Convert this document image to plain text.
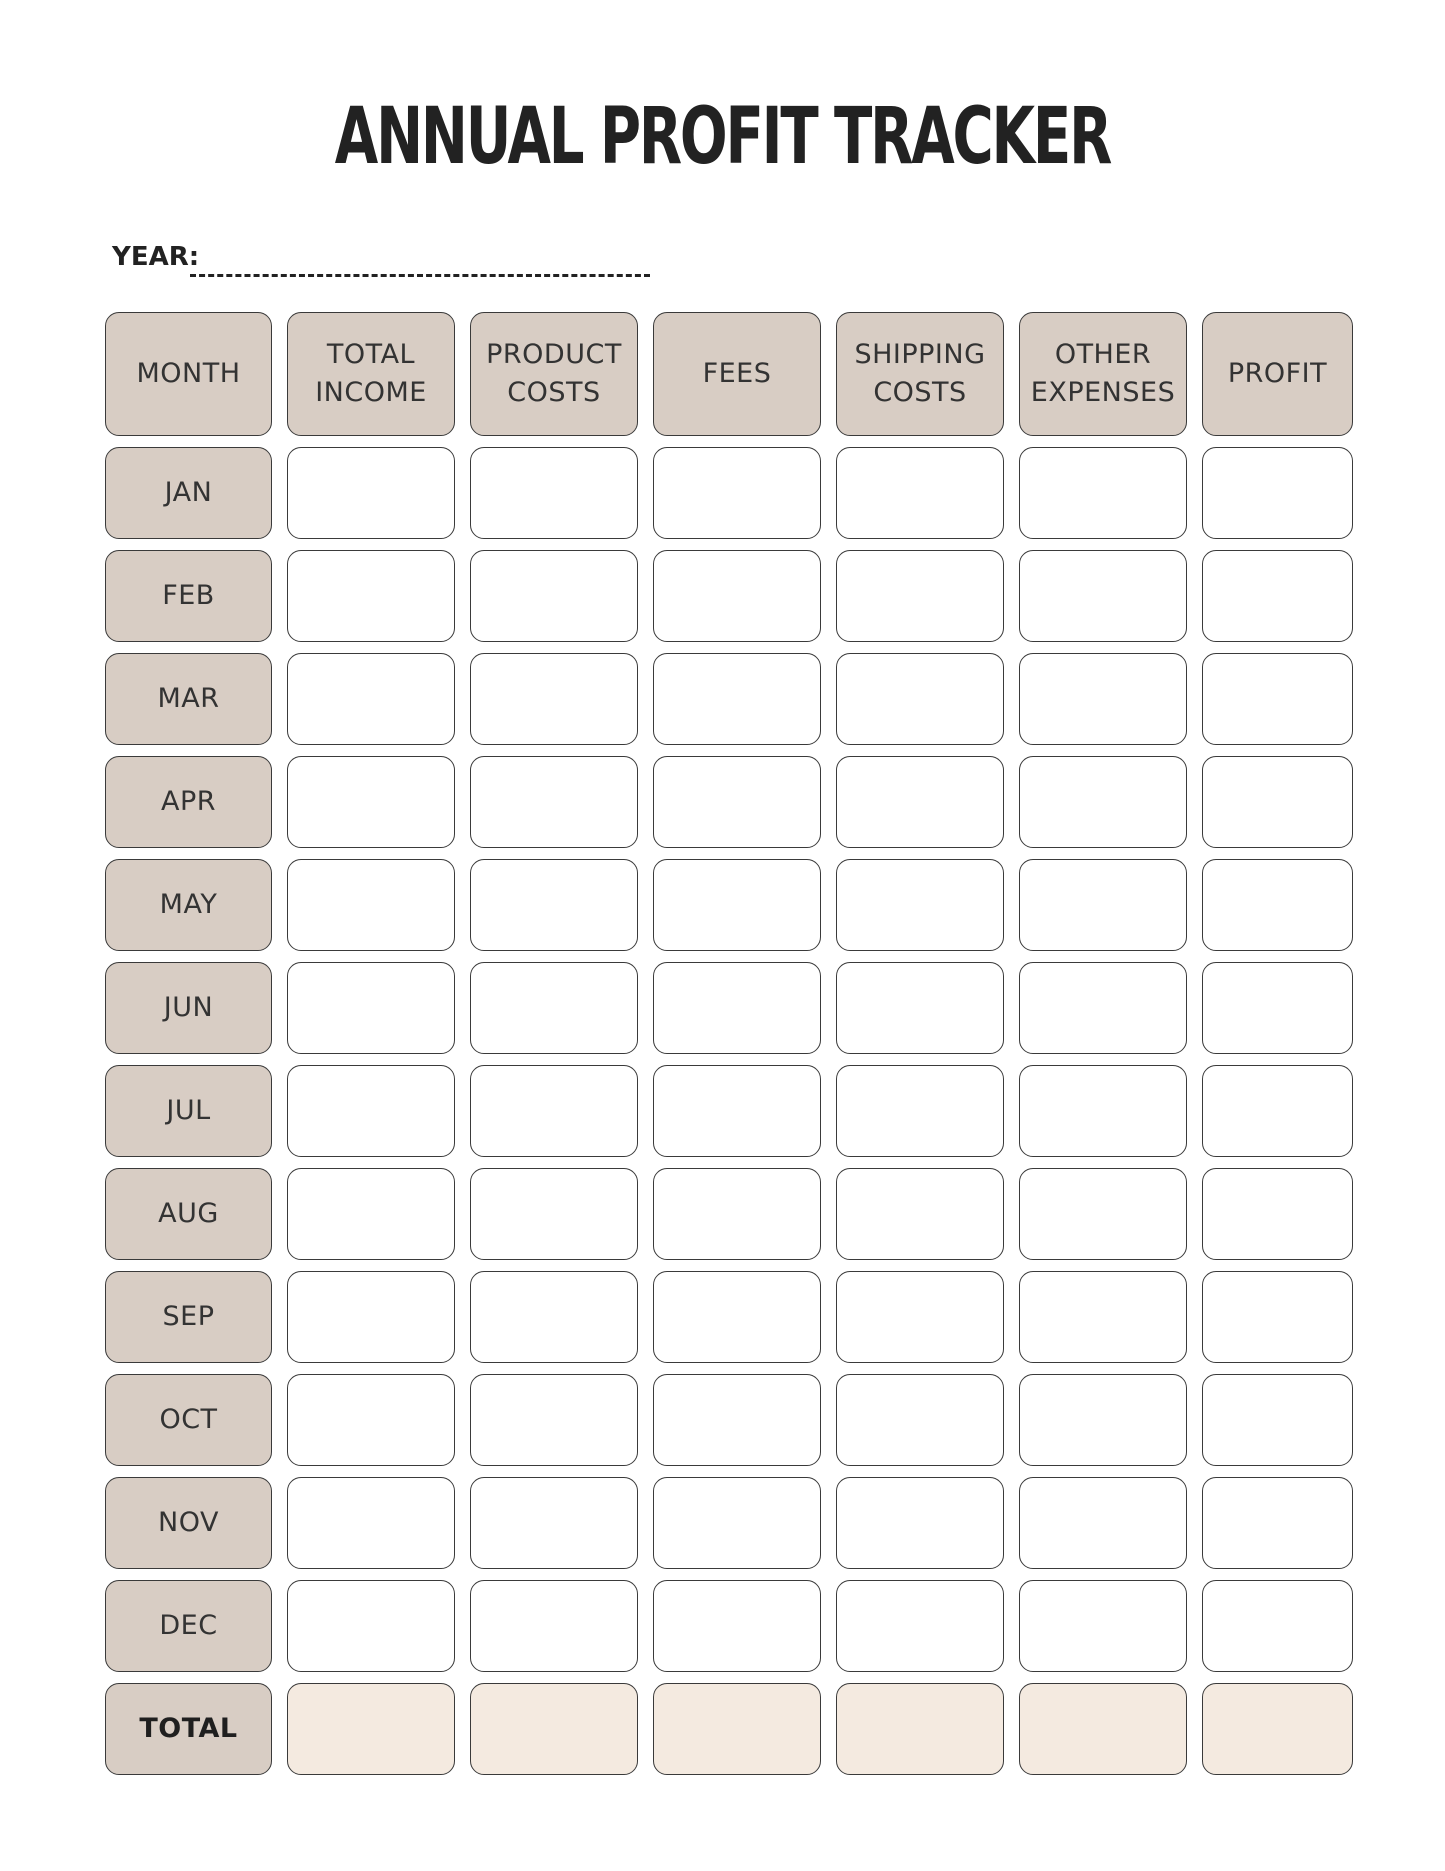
ANNUAL PROFIT TRACKER
YEAR:
MONTH
TOTAL
INCOME
PRODUCT
COSTS
FEES
SHIPPING
COSTS
OTHER
EXPENSES
PROFIT
JAN
FEB
MAR
APR
MAY
JUN
JUL
AUG
SEP
OCT
NOV
DEC
TOTAL
